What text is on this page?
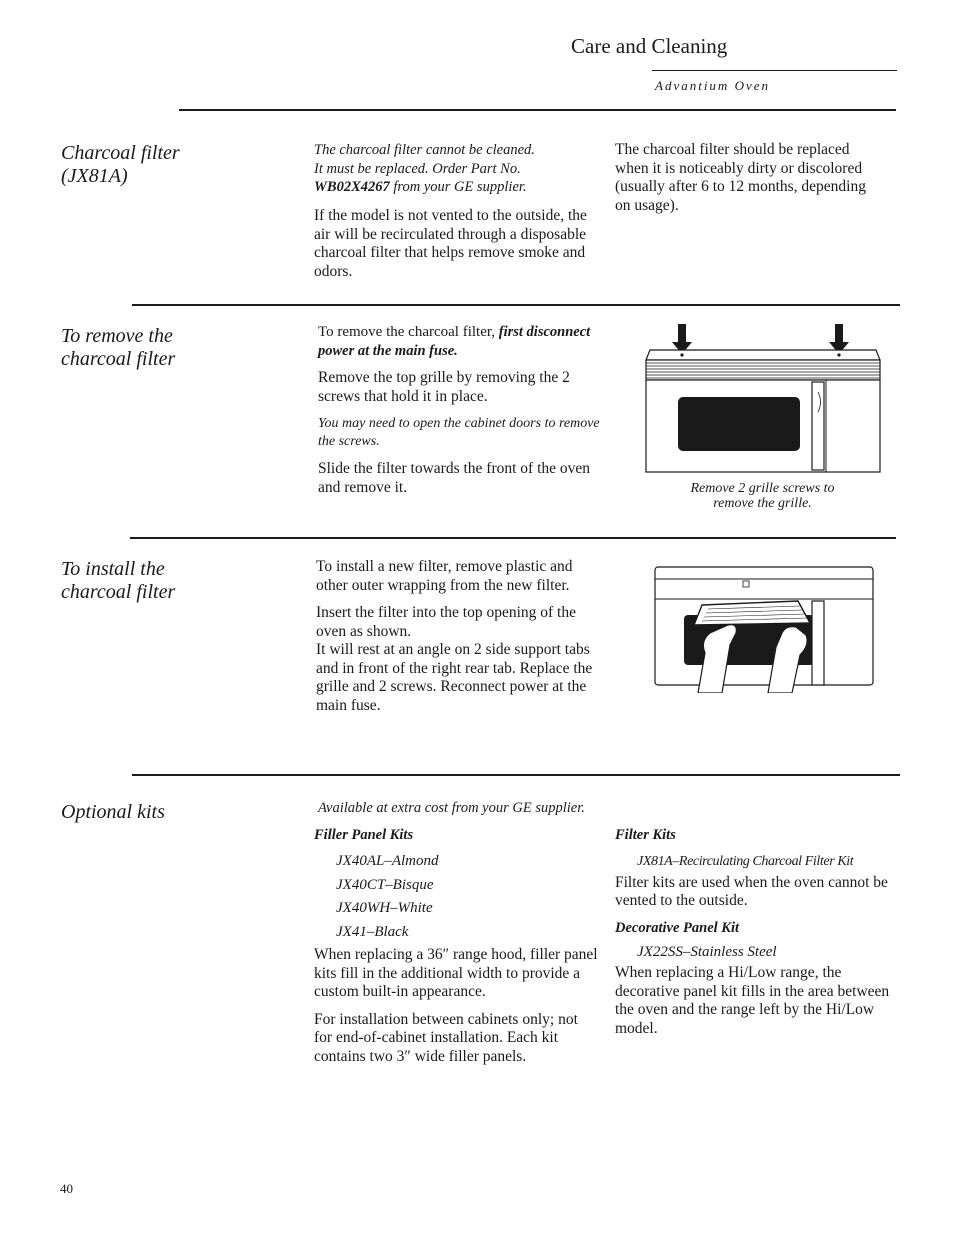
Care and Cleaning
Advantium Oven
Charcoal filter
(JX81A)
The charcoal filter cannot be cleaned.
It must be replaced. Order Part No.
WB02X4267 from your GE supplier.
If the model is not vented to the outside, the air will be recirculated through a disposable charcoal filter that helps remove smoke and odors.
The charcoal filter should be replaced when it is noticeably dirty or discolored (usually after 6 to 12 months, depending on usage).
To remove the
charcoal filter

To remove the charcoal filter, first disconnect power at the main fuse.

Remove the top grille by removing the 2 screws that hold it in place.

You may need to open the cabinet doors to remove the screws.

Slide the filter towards the front of the oven and remove it.	Remove 2 grille screws to
remove the grille.
To install the
charcoal filter

To install a new filter, remove plastic and other outer wrapping from the new filter.

Insert the filter into the top opening of the oven as shown.

It will rest at an angle on 2 side support tabs and in front of the right rear tab. Replace the grille and 2 screws. Reconnect power at the main fuse.

Optional kits	Available at extra cost from your GE supplier.
Filler Panel Kits
JX40AL–Almond
JX40CT–Bisque
JX40WH–White
JX41–Black

When replacing a 36″ range hood, filler panel kits fill in the additional width to provide a custom built-in appearance.

For installation between cabinets only; not for end-of-cabinet installation. Each kit contains two 3″ wide filler panels.

Filter Kits
JX81A–Recirculating Charcoal Filter Kit

Filter kits are used when the oven cannot be vented to the outside.

Decorative Panel Kit
JX22SS–Stainless Steel

When replacing a Hi/Low range, the decorative panel kit fills in the area between the oven and the range left by the Hi/Low model.

40
